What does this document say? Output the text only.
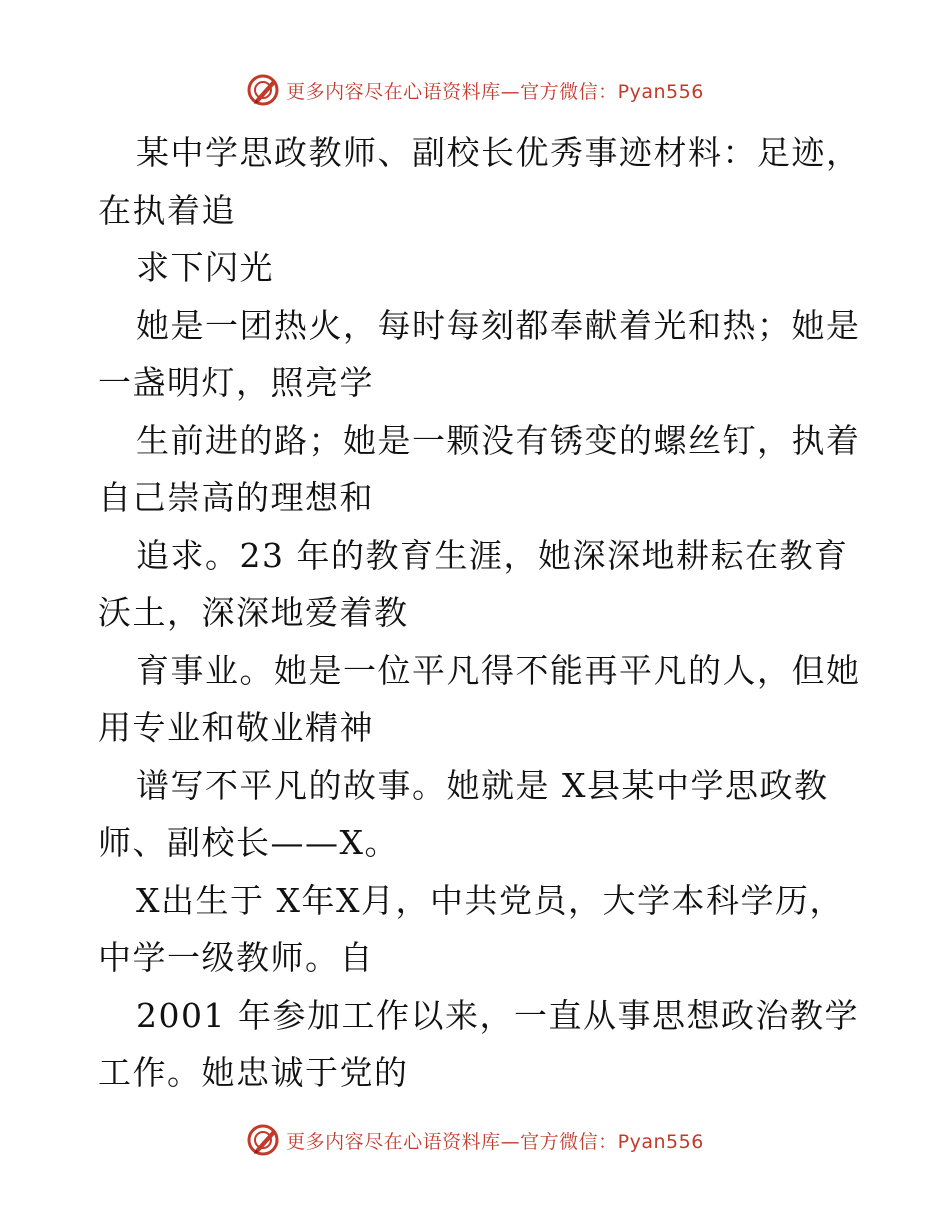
更多内容尽在心语资料库—官方微信：Pyan556
某中学思政教师、副校长优秀事迹材料：足迹，
在执着追
求下闪光
她是一团热火，每时每刻都奉献着光和热；她是
一盏明灯，照亮学
生前进的路；她是一颗没有锈变的螺丝钉，执着
自己崇高的理想和
追求。23 年的教育生涯，她深深地耕耘在教育
沃土，深深地爱着教
育事业。她是一位平凡得不能再平凡的人，但她
用专业和敬业精神
谱写不平凡的故事。她就是 X县某中学思政教
师、副校长——X。
X出生于 X年X月，中共党员，大学本科学历，
中学一级教师。自
2001 年参加工作以来，一直从事思想政治教学
工作。她忠诚于党的
更多内容尽在心语资料库—官方微信：Pyan556
